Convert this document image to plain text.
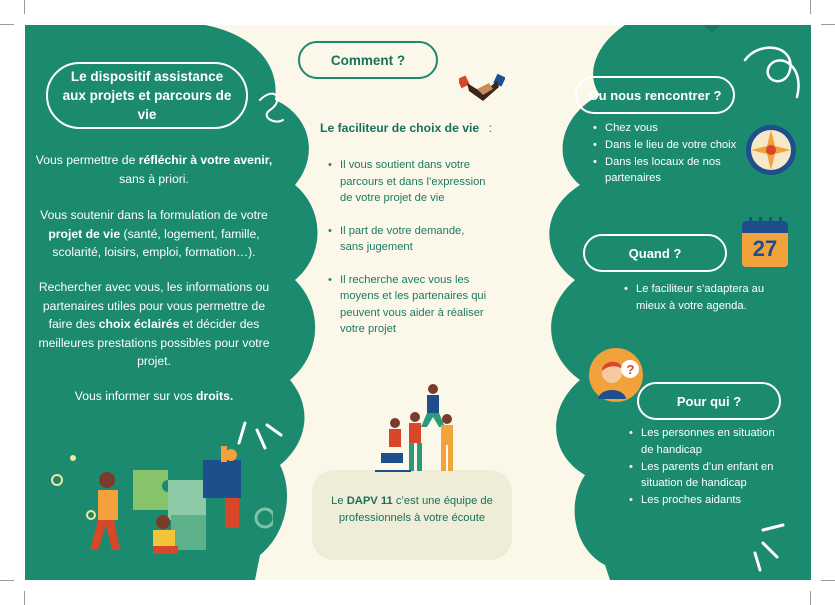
Le dispositif assistance aux projets et parcours de vie
Vous permettre de réfléchir à votre avenir, sans à priori.
Vous soutenir dans la formulation de votre projet de vie (santé, logement, famille, scolarité, loisirs, emploi, formation…).
Rechercher avec vous, les informations ou partenaires utiles pour vous permettre de faire des choix éclairés et décider des meilleures prestations possibles pour votre projet.
Vous informer sur vos droits.
Comment ?
Le faciliteur de choix de vie :
• Il vous soutient dans votre parcours et dans l’expression de votre projet de vie
• Il part de votre demande, sans jugement
• Il recherche avec vous les moyens et les partenaires qui peuvent vous aider à réaliser votre projet
Le DAPV 11 c’est une équipe de professionnels à votre écoute
Ou nous rencontrer ?
• Chez vous
• Dans le lieu de votre choix
• Dans les locaux de nos partenaires
Quand ?	27
• Le faciliteur s’adaptera au mieux à votre agenda.
?
Pour qui ?
• Les personnes en situation de handicap
• Les parents d’un enfant en situation de handicap
• Les proches aidants
